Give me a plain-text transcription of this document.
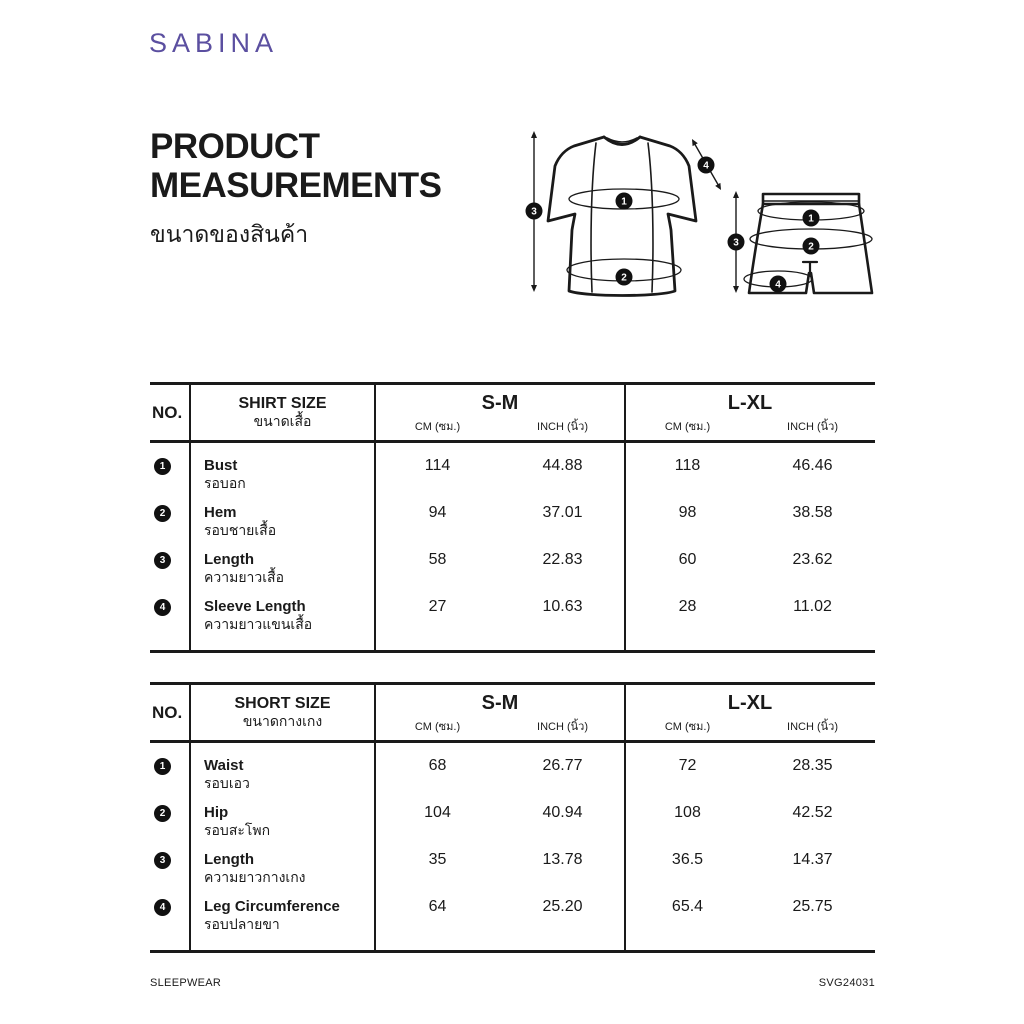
SABINA
PRODUCT
MEASUREMENTS
ขนาดของสินค้า
1
2
3
4
1
2
3
4
NO.	SHIRT SIZE
ขนาดเสื้อ
S-M
CM (ซม.)	INCH (นิ้ว)
L-XL
CM (ซม.)	INCH (นิ้ว)
1	Bust
รอบอก
114	44.88	118	46.46
2	Hem
รอบชายเสื้อ
94	37.01	98	38.58
3	Length
ความยาวเสื้อ
58	22.83	60	23.62
4	Sleeve Length
ความยาวแขนเสื้อ
27	10.63	28	11.02
NO.	SHORT SIZE
ขนาดกางเกง
S-M
CM (ซม.)	INCH (นิ้ว)
L-XL
CM (ซม.)	INCH (นิ้ว)
1	Waist
รอบเอว
68	26.77	72	28.35
2	Hip
รอบสะโพก
104	40.94	108	42.52
3	Length
ความยาวกางเกง
35	13.78	36.5	14.37
4	Leg Circumference
รอบปลายขา
64	25.20	65.4	25.75
SLEEPWEAR	SVG24031
